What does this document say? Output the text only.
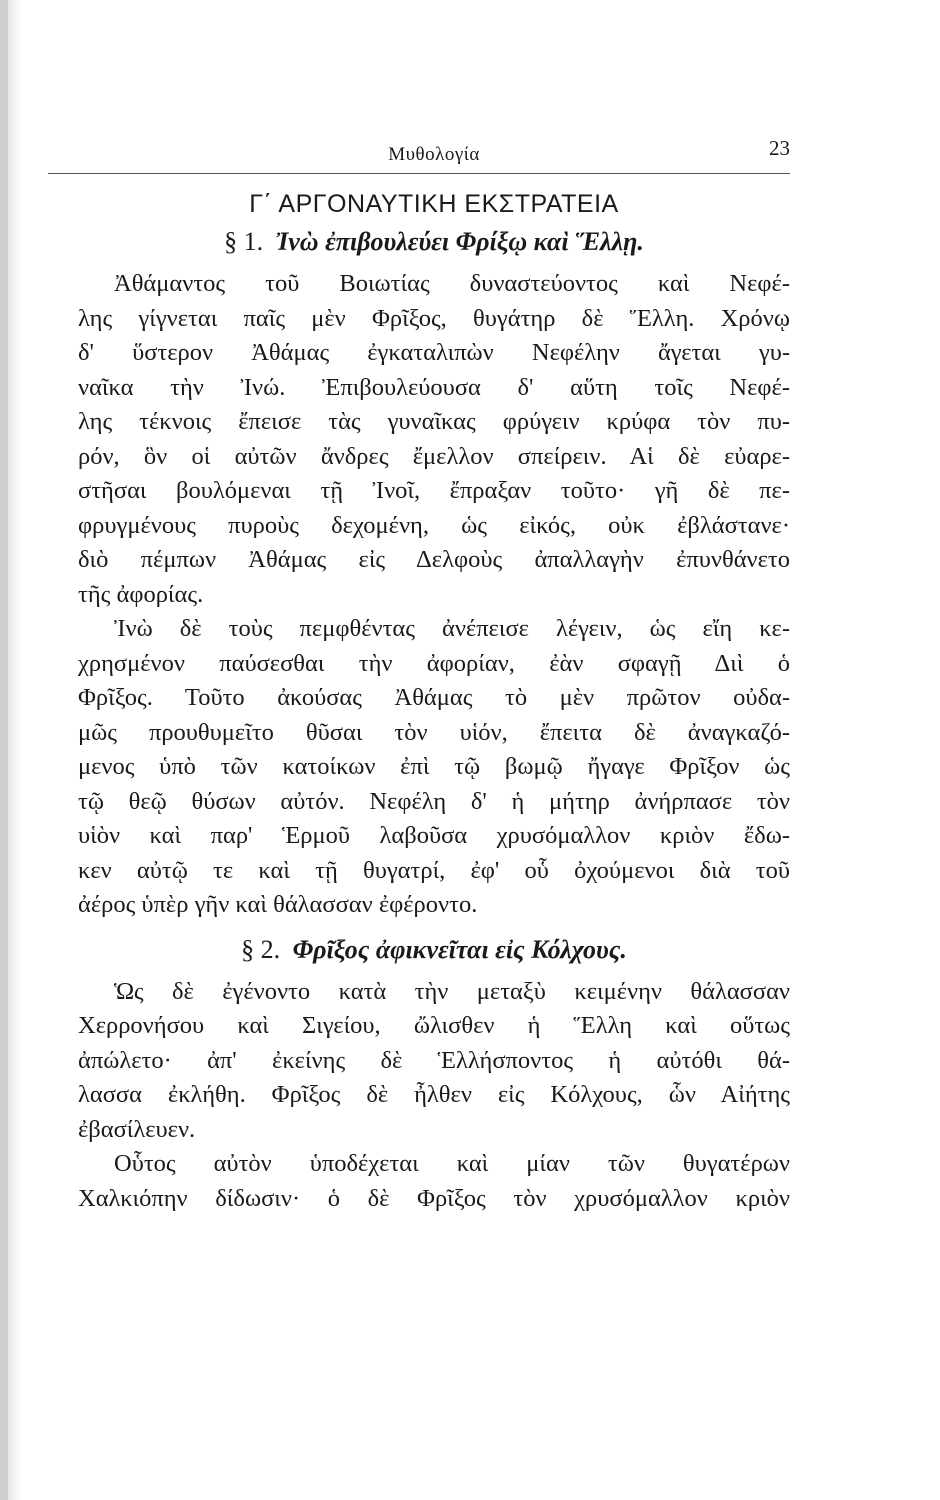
Μυθολογία	23
Γ΄ ΑΡΓΟΝΑΥΤΙΚΗ ΕΚΣΤΡΑΤΕΙΑ
§ 1. Ἰνὼ ἐπιβουλεύει Φρίξῳ καὶ Ἕλλῃ.

Ἀθάμαντος τοῦ Βοιωτίας δυναστεύοντος καὶ Νεφέ-
λης γίγνεται παῖς μὲν Φρῖξος, θυγάτηρ δὲ Ἕλλη. Χρόνῳ
δ' ὕστερον Ἀθάμας ἐγκαταλιπὼν Νεφέλην ἄγεται γυ-
ναῖκα τὴν Ἰνώ. Ἐπιβουλεύουσα δ' αὕτη τοῖς Νεφέ-
λης τέκνοις ἔπεισε τὰς γυναῖκας φρύγειν κρύφα τὸν πυ-
ρόν, ὃν οἱ αὐτῶν ἄνδρες ἔμελλον σπείρειν. Αἱ δὲ εὐαρε-
στῆσαι βουλόμεναι τῇ Ἰνοῖ, ἔπραξαν τοῦτο· γῆ δὲ πε-
φρυγμένους πυροὺς δεχομένη, ὡς εἰκός, οὐκ ἐβλάστανε·
διὸ πέμπων Ἀθάμας εἰς Δελφοὺς ἀπαλλαγὴν ἐπυνθάνετο
τῆς ἀφορίας.

Ἰνὼ δὲ τοὺς πεμφθέντας ἀνέπεισε λέγειν, ὡς εἴη κε-
χρησμένον παύσεσθαι τὴν ἀφορίαν, ἐὰν σφαγῇ Διὶ ὁ
Φρῖξος. Τοῦτο ἀκούσας Ἀθάμας τὸ μὲν πρῶτον οὐδα-
μῶς προυθυμεῖτο θῦσαι τὸν υἱόν, ἔπειτα δὲ ἀναγκαζό-
μενος ὑπὸ τῶν κατοίκων ἐπὶ τῷ βωμῷ ἤγαγε Φρῖξον ὡς
τῷ θεῷ θύσων αὐτόν. Νεφέλη δ' ἡ μήτηρ ἀνήρπασε τὸν
υἱὸν καὶ παρ' Ἑρμοῦ λαβοῦσα χρυσόμαλλον κριὸν ἔδω-
κεν αὐτῷ τε καὶ τῇ θυγατρί, ἐφ' οὗ ὀχούμενοι διὰ τοῦ
ἀέρος ὑπὲρ γῆν καὶ θάλασσαν ἐφέροντο.

§ 2. Φρῖξος ἀφικνεῖται εἰς Κόλχους.

Ὡς δὲ ἐγένοντο κατὰ τὴν μεταξὺ κειμένην θάλασσαν
Χερρονήσου καὶ Σιγείου, ὤλισθεν ἡ Ἕλλη καὶ οὕτως
ἀπώλετο· ἀπ' ἐκείνης δὲ Ἑλλήσποντος ἡ αὐτόθι θά-
λασσα ἐκλήθη. Φρῖξος δὲ ἦλθεν εἰς Κόλχους, ὧν Αἰήτης
ἐβασίλευεν.

Οὗτος αὐτὸν ὑποδέχεται καὶ μίαν τῶν θυγατέρων
Χαλκιόπην δίδωσιν· ὁ δὲ Φρῖξος τὸν χρυσόμαλλον κριὸν
